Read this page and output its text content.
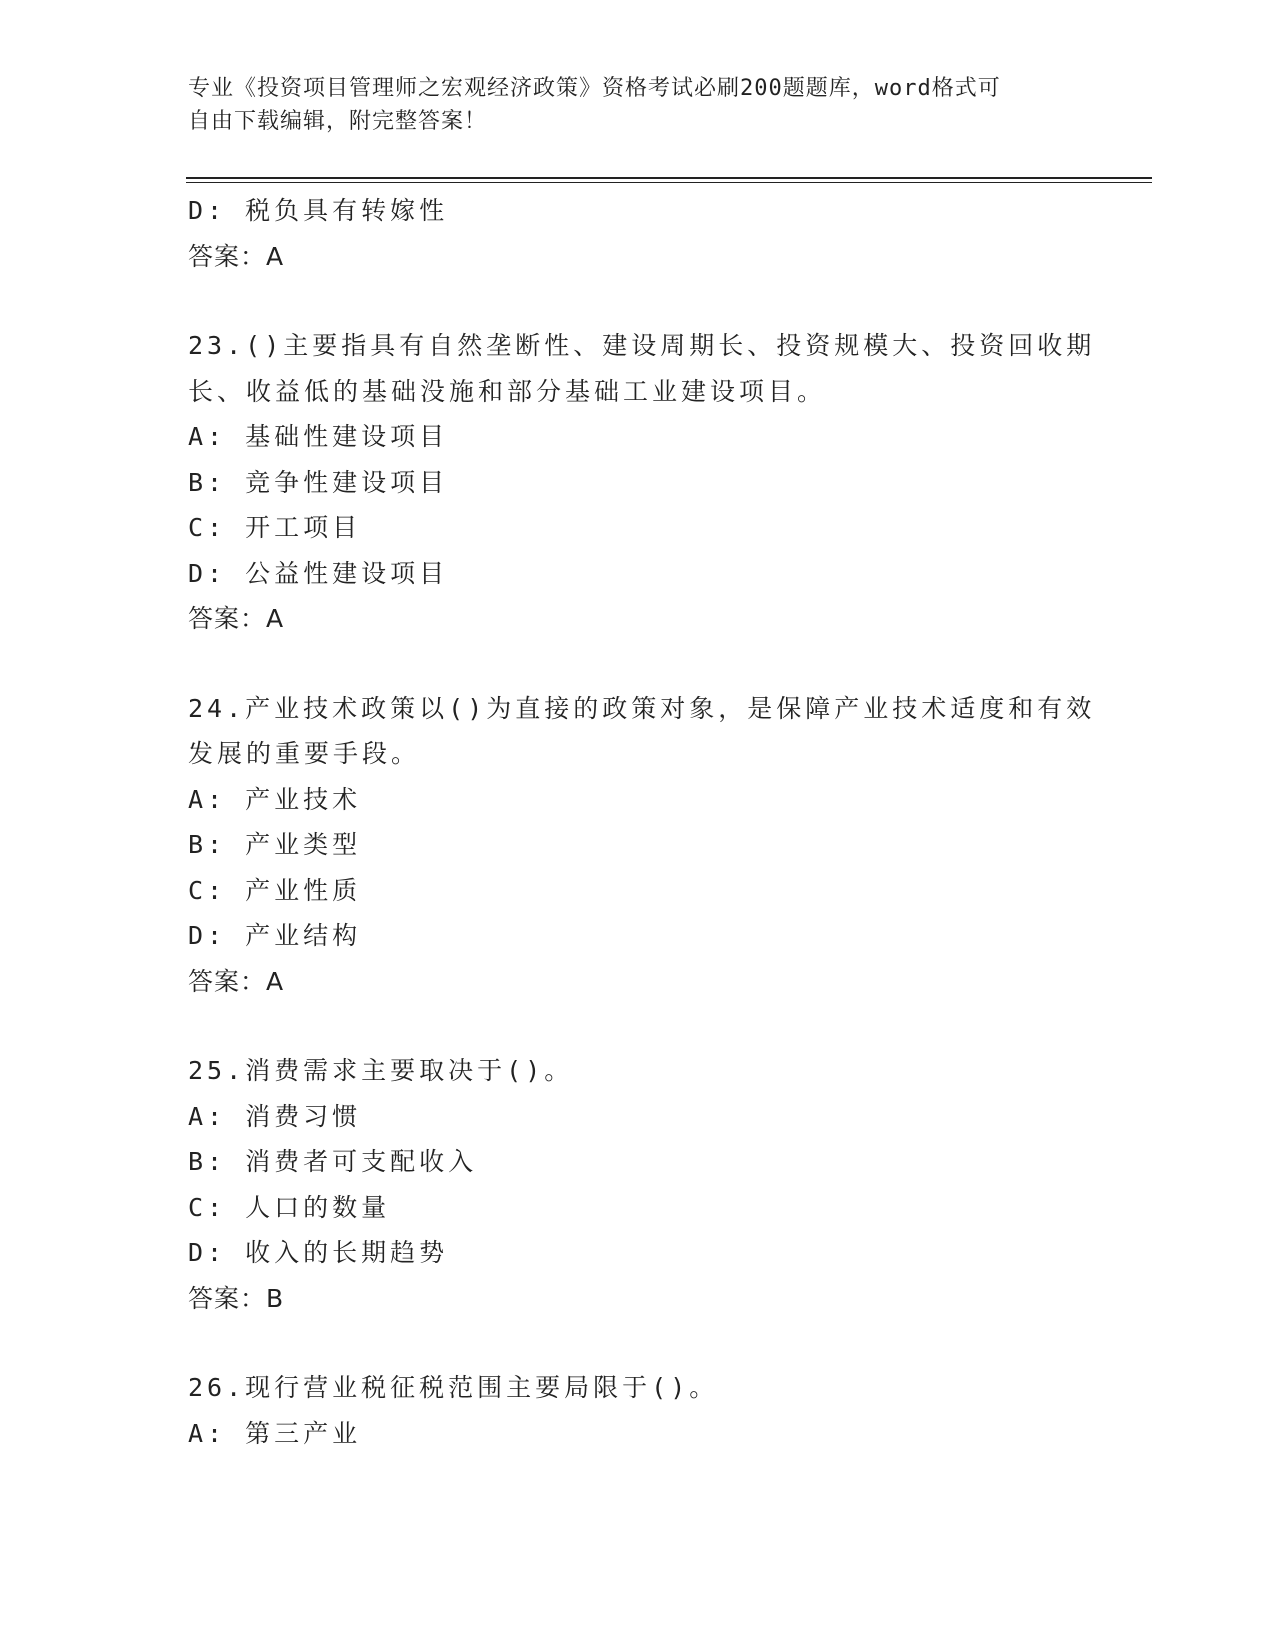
专业《投资项目管理师之宏观经济政策》资格考试必刷200题题库，word格式可
自由下载编辑，附完整答案！
D: 税负具有转嫁性
答案：A
23.()主要指具有自然垄断性、建设周期长、投资规模大、投资回收期
长、收益低的基础没施和部分基础工业建设项目。
A: 基础性建设项目
B: 竞争性建设项目
C: 开工项目
D: 公益性建设项目
答案：A
24.产业技术政策以()为直接的政策对象，是保障产业技术适度和有效
发展的重要手段。
A: 产业技术
B: 产业类型
C: 产业性质
D: 产业结构
答案：A
25.消费需求主要取决于()。
A: 消费习惯
B: 消费者可支配收入
C: 人口的数量
D: 收入的长期趋势
答案：B
26.现行营业税征税范围主要局限于()。
A: 第三产业
